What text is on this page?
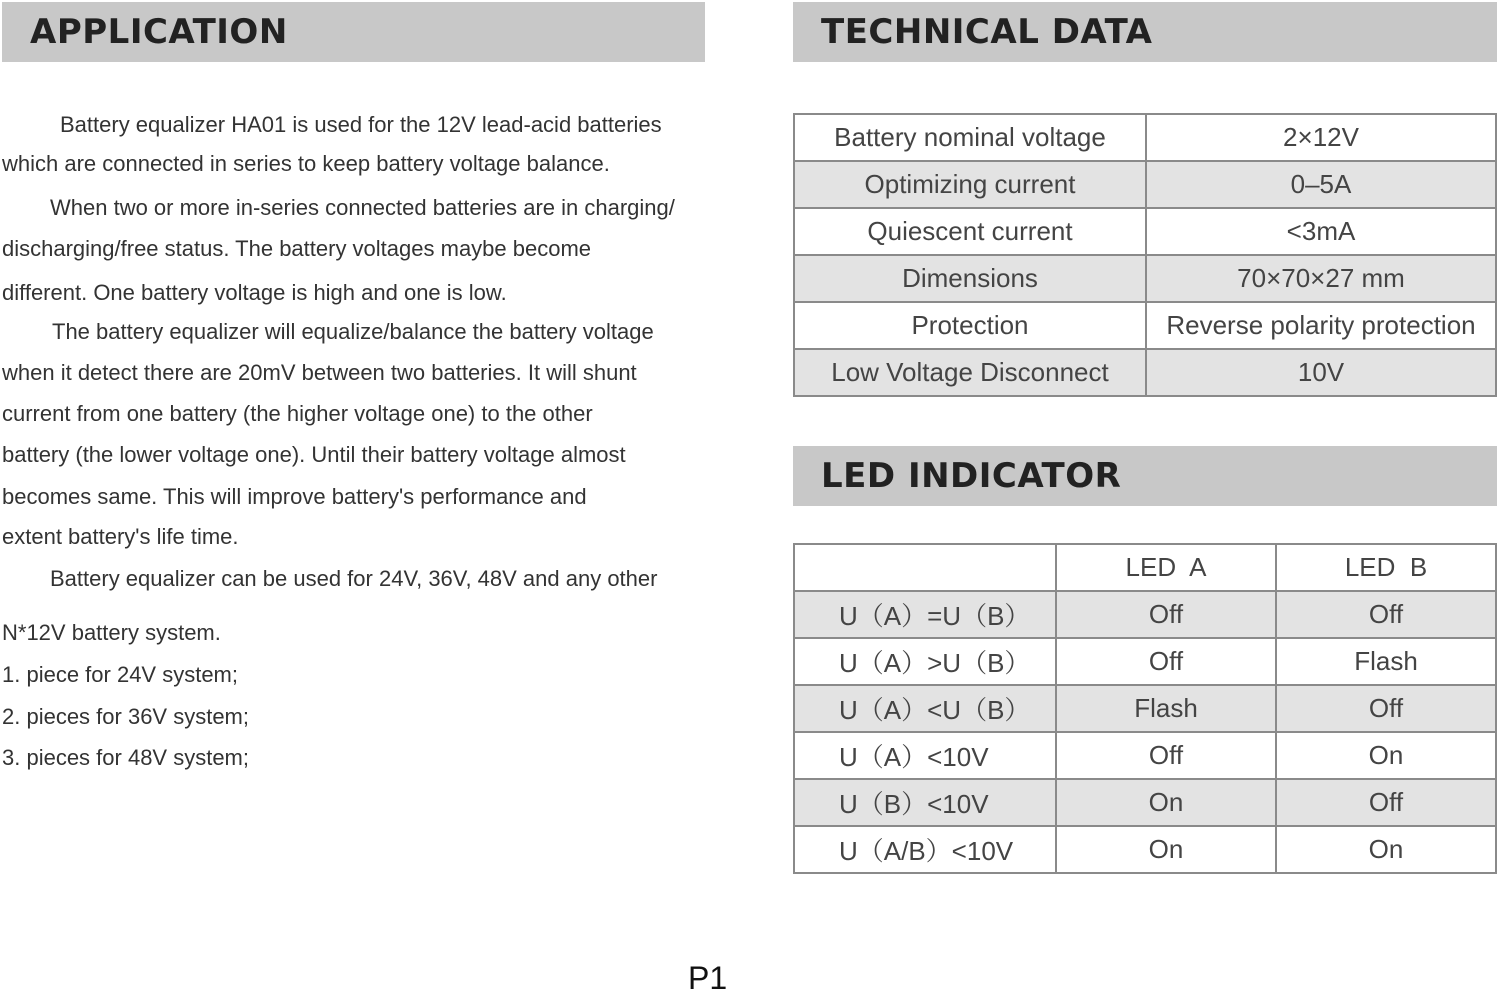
APPLICATION

Battery equalizer HA01 is used for the 12V lead-acid batteries

which are connected in series to keep battery voltage balance.

When two or more in-series connected batteries are in charging/

discharging/free status. The battery voltages maybe become

different. One battery voltage is high and one is low.

The battery equalizer will equalize/balance the battery voltage

when it detect there are 20mV between two batteries. It will shunt

current from one battery (the higher voltage one) to the other

battery (the lower voltage one). Until their battery voltage almost

becomes same. This will improve battery's performance and

extent battery's life time.

Battery equalizer can be used for 24V, 36V, 48V and any other

N*12V battery system.

1. piece for 24V system;

2. pieces for 36V system;

3. pieces for 48V system;

TECHNICAL DATA
Battery nominal voltage	2×12V
Optimizing current	0–5A
Quiescent current	<3mA
Dimensions	70×70×27 mm
Protection	Reverse polarity protection
Low Voltage Disconnect	10V
LED INDICATOR
	LED  A	LED  B
U（A）=U（B）	Off	Off
U（A）>U（B）	Off	Flash
U（A）<U（B）	Flash	Off
U（A）<10V	Off	On
U（B）<10V	On	Off
U（A/B）<10V	On	On
P1
